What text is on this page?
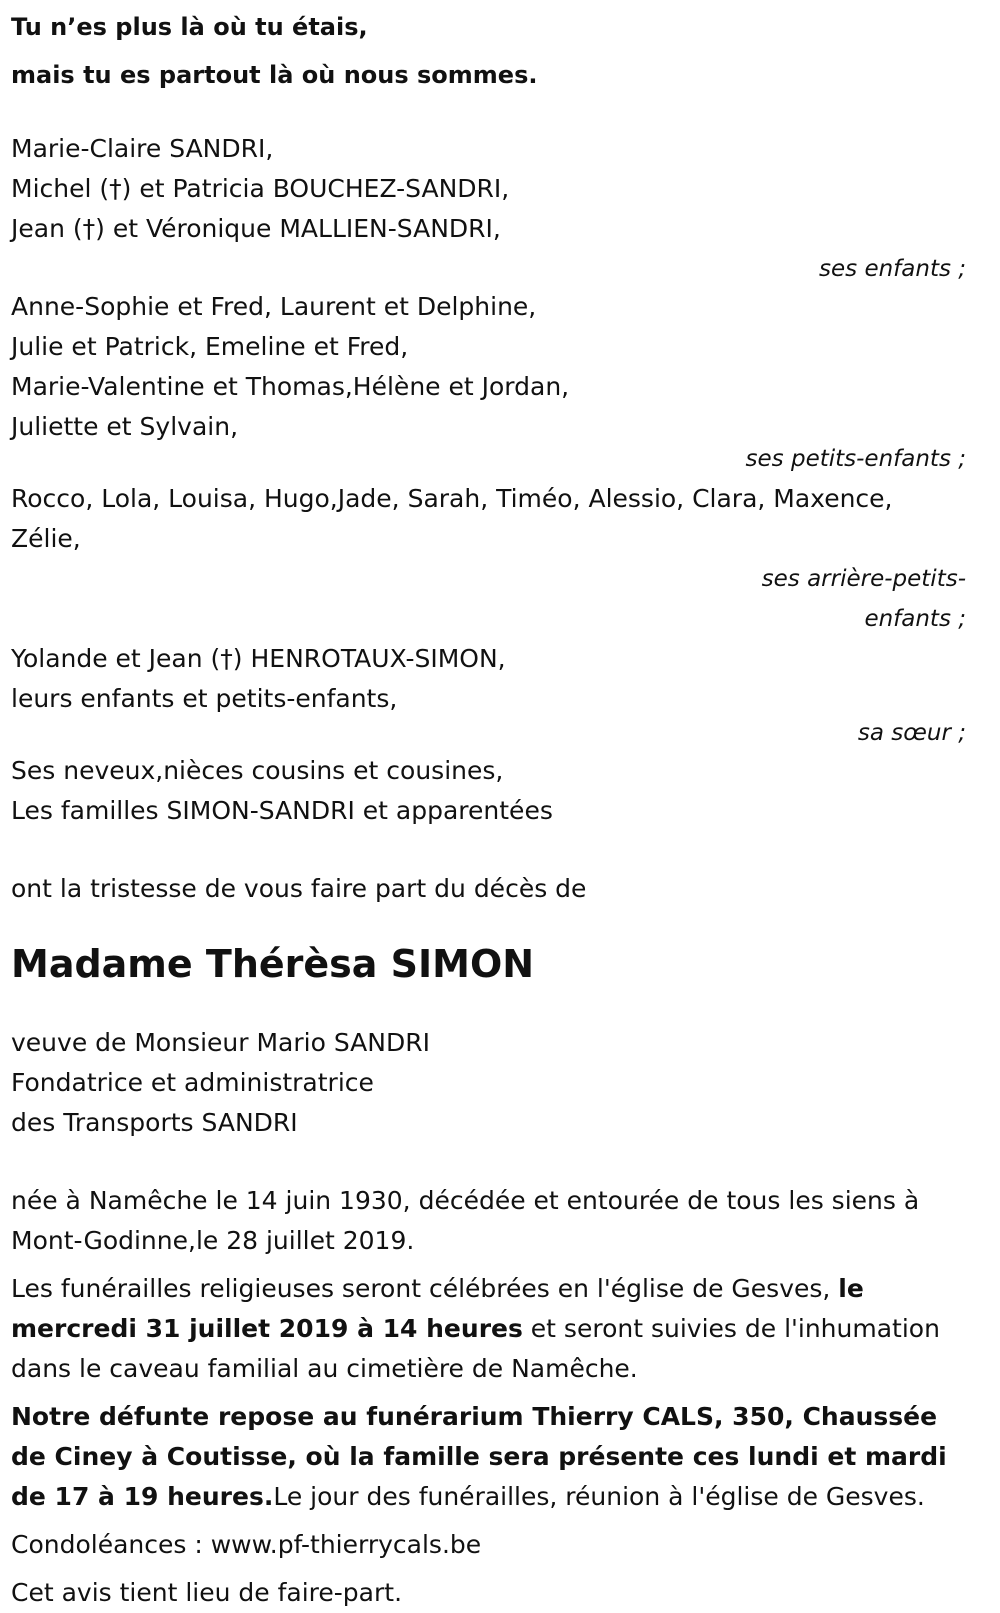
Tu n’es plus là où tu étais,

mais tu es partout là où nous sommes.

Marie-Claire SANDRI,

Michel (†) et Patricia BOUCHEZ-SANDRI,

Jean (†) et Véronique MALLIEN-SANDRI,

ses enfants ;

Anne-Sophie et Fred, Laurent et Delphine,

Julie et Patrick, Emeline et Fred,

Marie-Valentine et Thomas,Hélène et Jordan,

Juliette et Sylvain,

ses petits-enfants ;

Rocco, Lola, Louisa, Hugo,Jade, Sarah, Timéo, Alessio, Clara, Maxence,

Zélie,

ses arrière-petits-

enfants ;

Yolande et Jean (†) HENROTAUX-SIMON,

leurs enfants et petits-enfants,

sa sœur ;

Ses neveux,nièces cousins et cousines,

Les familles SIMON-SANDRI et apparentées

ont la tristesse de vous faire part du décès de

Madame Thérèsa SIMON

veuve de Monsieur Mario SANDRI

Fondatrice et administratrice

des Transports SANDRI

née à Namêche le 14 juin 1930, décédée et entourée de tous les siens à Mont-Godinne,le 28 juillet 2019.

Les funérailles religieuses seront célébrées en l'église de Gesves, le mercredi 31 juillet 2019 à 14 heures et seront suivies de l'inhumation dans le caveau familial au cimetière de Namêche.

Notre défunte repose au funérarium Thierry CALS, 350, Chaussée de Ciney à Coutisse, où la famille sera présente ces lundi et mardi de 17 à 19 heures.Le jour des funérailles, réunion à l'église de Gesves.

Condoléances : www.pf-thierrycals.be

Cet avis tient lieu de faire-part.
